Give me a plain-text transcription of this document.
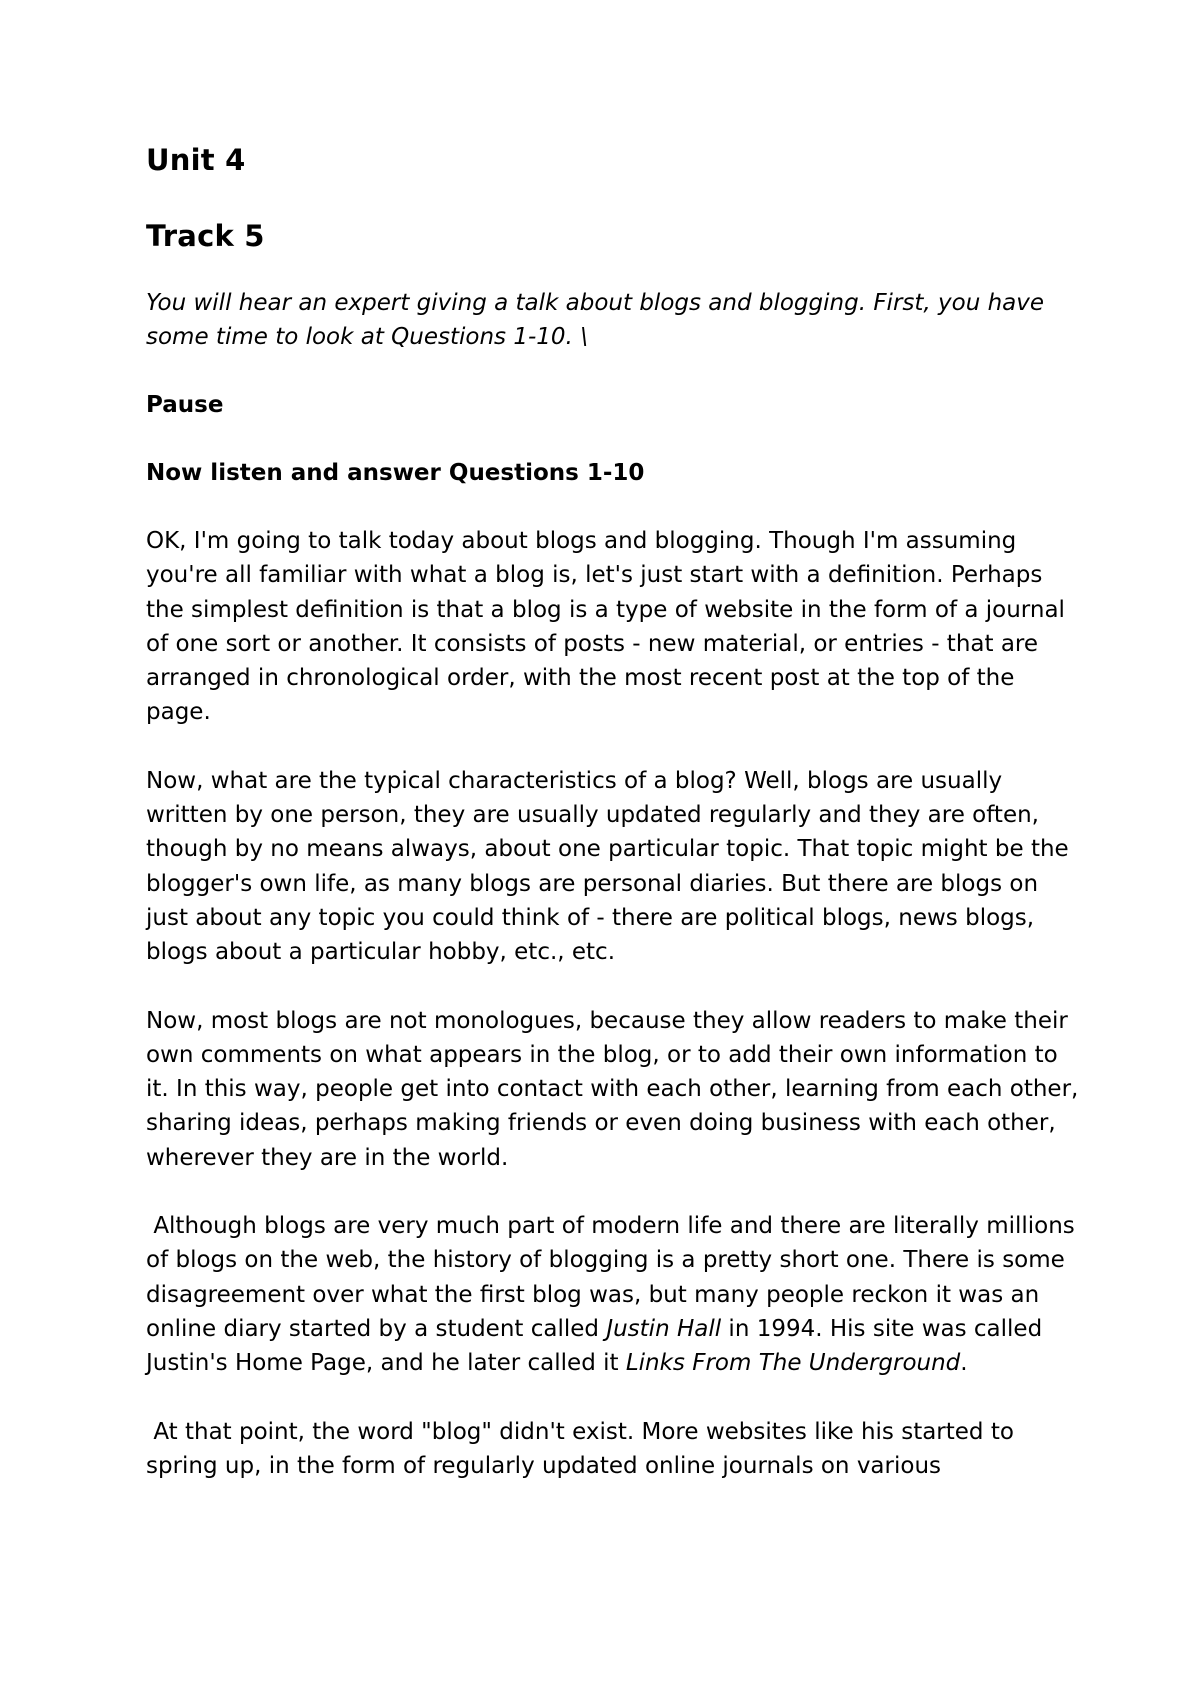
Unit 4
Track 5

You will hear an expert giving a talk about blogs and blogging. First, you have some time to look at Questions 1-10. \

Pause

Now listen and answer Questions 1-10

OK, I'm going to talk today about blogs and blogging. Though I'm assuming you're all familiar with what a blog is, let's just start with a definition. Perhaps the simplest definition is that a blog is a type of website in the form of a journal of one sort or another. It consists of posts - new material, or entries - that are arranged in chronological order, with the most recent post at the top of the page.

Now, what are the typical characteristics of a blog? Well, blogs are usually written by one person, they are usually updated regularly and they are often, though by no means always, about one particular topic. That topic might be the blogger's own life, as many blogs are personal diaries. But there are blogs on just about any topic you could think of - there are political blogs, news blogs, blogs about a particular hobby, etc., etc.

Now, most blogs are not monologues, because they allow readers to make their own comments on what appears in the blog, or to add their own information to it. In this way, people get into contact with each other, learning from each other, sharing ideas, perhaps making friends or even doing business with each other, wherever they are in the world.

Although blogs are very much part of modern life and there are literally millions of blogs on the web, the history of blogging is a pretty short one. There is some disagreement over what the first blog was, but many people reckon it was an online diary started by a student called Justin Hall in 1994. His site was called Justin's Home Page, and he later called it Links From The Underground.

At that point, the word "blog" didn't exist. More websites like his started to spring up, in the form of regularly updated online journals on various
